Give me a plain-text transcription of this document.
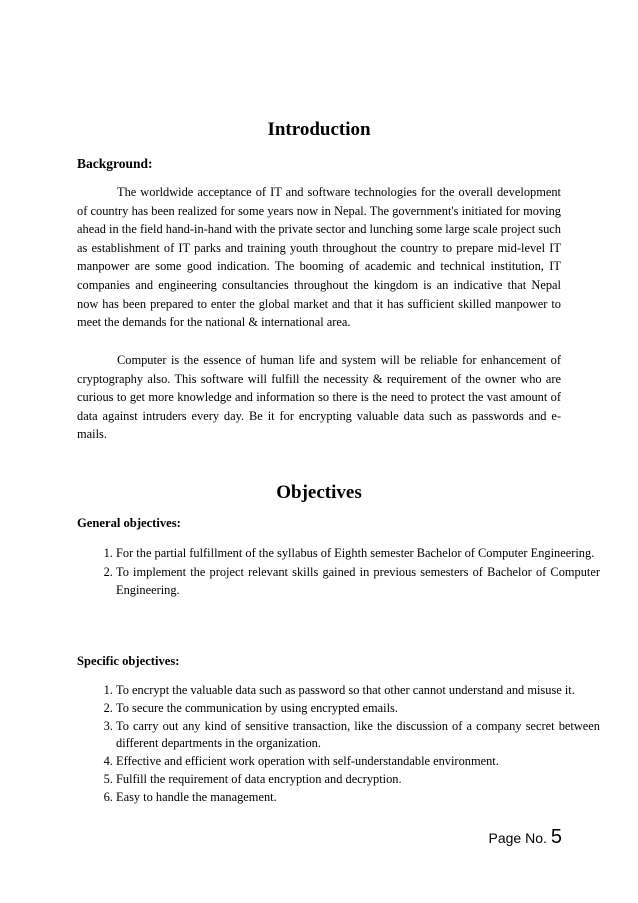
Introduction
Background:

The worldwide acceptance of IT and software technologies for the overall development of country has been realized for some years now in Nepal. The government's initiated for moving ahead in the field hand-in-hand with the private sector and lunching some large scale project such as establishment of IT parks and training youth throughout the country to prepare mid-level IT manpower are some good indication. The booming of academic and technical institution, IT companies and engineering consultancies throughout the kingdom is an indicative that Nepal now has been prepared to enter the global market and that it has sufficient skilled manpower to meet the demands for the national & international area.

Computer is the essence of human life and system will be reliable for enhancement of cryptography also. This software will fulfill the necessity & requirement of the owner who are curious to get more knowledge and information so there is the need to protect the vast amount of data against intruders every day. Be it for encrypting valuable data such as passwords and e-mails.

Objectives
General objectives:
1. For the partial fulfillment of the syllabus of Eighth semester Bachelor of Computer Engineering.
2. To implement the project relevant skills gained in previous semesters of Bachelor of Computer Engineering.
Specific objectives:
1. To encrypt the valuable data such as password so that other cannot understand and misuse it.
2. To secure the communication by using encrypted emails.
3. To carry out any kind of sensitive transaction, like the discussion of a company secret between different departments in the organization.
4. Effective and efficient work operation with self-understandable environment.
5. Fulfill the requirement of data encryption and decryption.
6. Easy to handle the management.
Page No. 5
